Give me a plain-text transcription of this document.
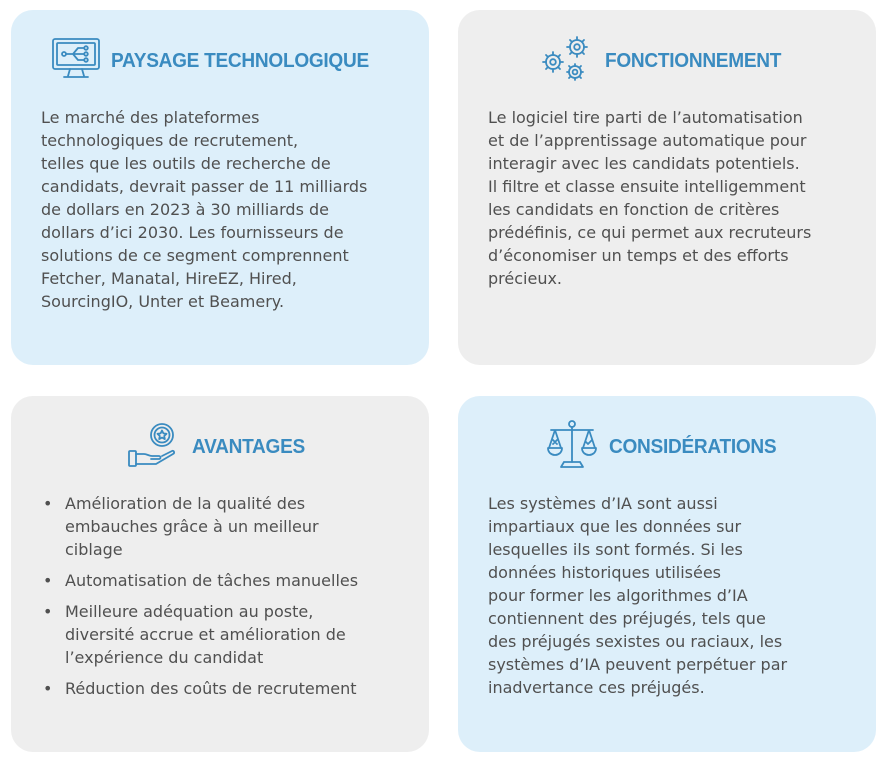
PAYSAGE TECHNOLOGIQUE
Le marché des plateformes
technologiques de recrutement,
telles que les outils de recherche de
candidats, devrait passer de 11 milliards
de dollars en 2023 à 30 milliards de
dollars d’ici 2030. Les fournisseurs de
solutions de ce segment comprennent
Fetcher, Manatal, HireEZ, Hired,
SourcingIO, Unter et Beamery.
FONCTIONNEMENT
Le logiciel tire parti de l’automatisation
et de l’apprentissage automatique pour
interagir avec les candidats potentiels.
Il filtre et classe ensuite intelligemment
les candidats en fonction de critères
prédéfinis, ce qui permet aux recruteurs
d’économiser un temps et des efforts
précieux.
AVANTAGES
• Amélioration de la qualité des
embauches grâce à un meilleur
ciblage
• Automatisation de tâches manuelles
• Meilleure adéquation au poste,
diversité accrue et amélioration de
l’expérience du candidat
• Réduction des coûts de recrutement
CONSIDÉRATIONS
Les systèmes d’IA sont aussi
impartiaux que les données sur
lesquelles ils sont formés. Si les
données historiques utilisées
pour former les algorithmes d’IA
contiennent des préjugés, tels que
des préjugés sexistes ou raciaux, les
systèmes d’IA peuvent perpétuer par
inadvertance ces préjugés.
